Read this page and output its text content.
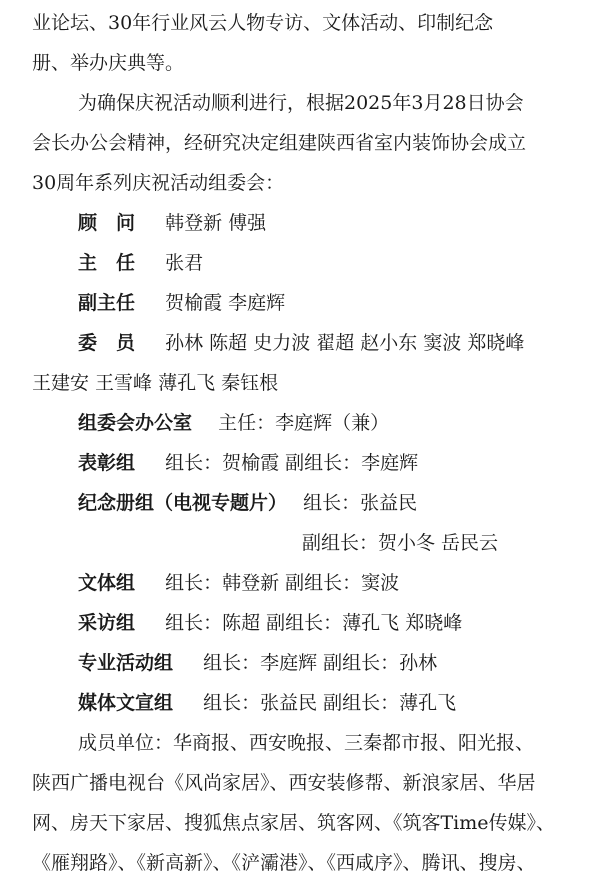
业论坛、30年行业风云人物专访、文体活动、印制纪念
册、举办庆典等。
为确保庆祝活动顺利进行，根据2025年3月28日协会
会长办公会精神，经研究决定组建陕西省室内装饰协会成立
30周年系列庆祝活动组委会：
顾　问 韩登新 傅强
主　任 张君
副主任 贺榆霞 李庭辉
委　员 孙林 陈超 史力波 翟超 赵小东 窦波 郑晓峰
王建安 王雪峰 薄孔飞 秦钰根
组委会办公室 主任：李庭辉（兼）
表彰组 组长：贺榆霞 副组长：李庭辉
纪念册组（电视专题片） 组长：张益民
副组长：贺小冬 岳民云
文体组 组长：韩登新 副组长：窦波
采访组 组长：陈超 副组长：薄孔飞 郑晓峰
专业活动组 组长：李庭辉 副组长：孙林
媒体文宣组 组长：张益民 副组长：薄孔飞
成员单位：华商报、西安晚报、三秦都市报、阳光报、
陕西广播电视台《风尚家居》、西安装修帮、新浪家居、华居
网、房天下家居、搜狐焦点家居、筑客网、《筑客Time传媒》、
《雁翔路》、《新高新》、《浐灞港》、《西咸序》、腾讯、搜房、
